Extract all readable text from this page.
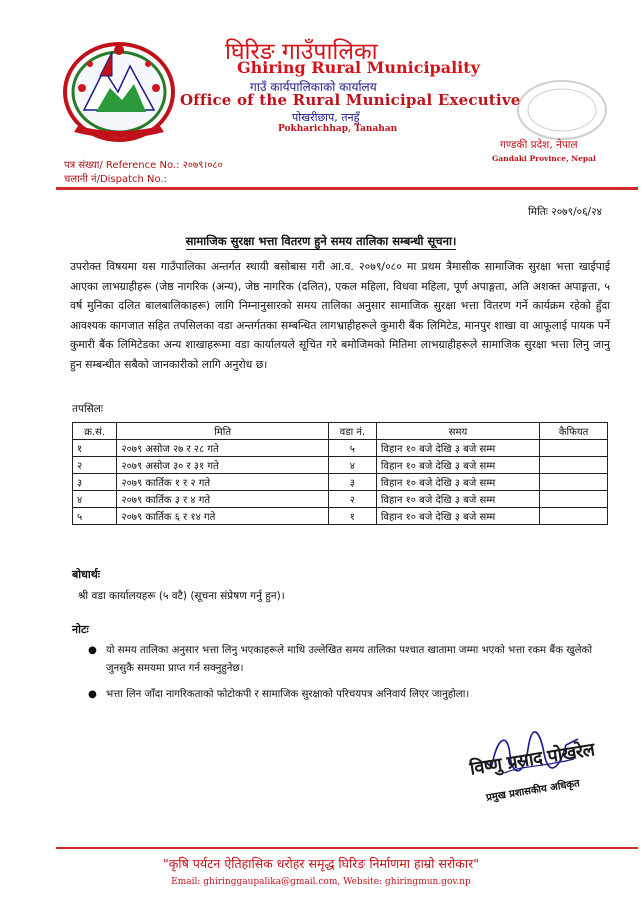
घिरिङ गाउँपालिका
Ghiring Rural Municipality
गाउँ कार्यपालिकाको कार्यालय
Office of the Rural Municipal Executive
पोखरीछाप, तनहुँ
Pokharichhap, Tanahan
गण्डकी प्रदेश, नेपाल
Gandaki Province, Nepal
पत्र संख्या/ Reference No.: २०७९।०८०
चलानी नं/Dispatch No.:
मितिः २०७९/०६/२४
सामाजिक सुरक्षा भत्ता वितरण हुने समय तालिका सम्बन्धी सूचना।
उपरोक्त विषयमा यस गाउँपालिका अन्तर्गत स्थायी बसोबास गरी आ.व. २०७९/०८० मा प्रथम त्रैमासीक सामाजिक सुरक्षा भत्ता खाईपाई आएका लाभग्राहीहरू (जेष्ठ नागरिक (अन्य), जेष्ठ नागरिक (दलित), एकल महिला, विधवा महिला, पूर्ण अपाङ्गता, अति अशक्त अपाङ्गता, ५ वर्ष मुनिका दलित बालबालिकाहरू) लागि निम्नानुसारको समय तालिका अनुसार सामाजिक सुरक्षा भत्ता वितरण गर्ने कार्यक्रम रहेको हुँदा आवश्यक कागजात सहित तपसिलका वडा अन्तर्गतका सम्बन्धित लागभ्राहीहरूले कुमारी बैंक लिमिटेड, मानपुर शाखा वा आफूलाई पायक पर्ने कुमारी बैंक लिमिटेडका अन्य शाखाहरूमा वडा कार्यालयले सूचित गरे बमोजिमको मितिमा लाभग्राहीहरूले सामाजिक सुरक्षा भत्ता लिनु जानु हुन सम्बन्धीत सबैको जानकारीको लागि अनुरोध छ।
तपसिलः
क्र.सं.	मिति	वडा नं.	समय	कैफियत
१	२०७९ असोज २७ र २८ गते	५	विहान १० बजे देखि ३ बजे सम्म	
२	२०७९ असोज ३० र ३१ गते	४	विहान १० बजे देखि ३ बजे सम्म	
३	२०७९ कार्तिक १ र २ गते	३	विहान १० बजे देखि ३ बजे सम्म	
४	२०७९ कार्तिक ३ र ४ गते	२	विहान १० बजे देखि ३ बजे सम्म	
५	२०७९ कार्तिक ६ र १४ गते	१	विहान १० बजे देखि ३ बजे सम्म	
बोधार्थः
श्री वडा कार्यालयहरू (५ वटै) (सूचना संप्रेषण गर्नु हुन)।
नोटः
● यो समय तालिका अनुसार भत्ता लिनु भएकाहरूले माथि उल्लेखित समय तालिका पश्चात खातामा जम्मा भएको भत्ता रकम बैंक खुलेको जुनसुकै समयमा प्राप्त गर्न सक्नुहुनेछ।
● भत्ता लिन जाँदा नागरिकताको फोटोकपी र सामाजिक सुरक्षाको परिचयपत्र अनिवार्य लिएर जानुहोला।
विष्णु प्रसाद पोखरेल
प्रमुख प्रशासकीय अधिकृत
"कृषि पर्यटन ऐतिहासिक धरोहर समृद्ध घिरिङ निर्माणमा हाम्रो सरोकार"
Email: ghiringgaupalika@gmail.com, Website: ghiringmun.gov.np
